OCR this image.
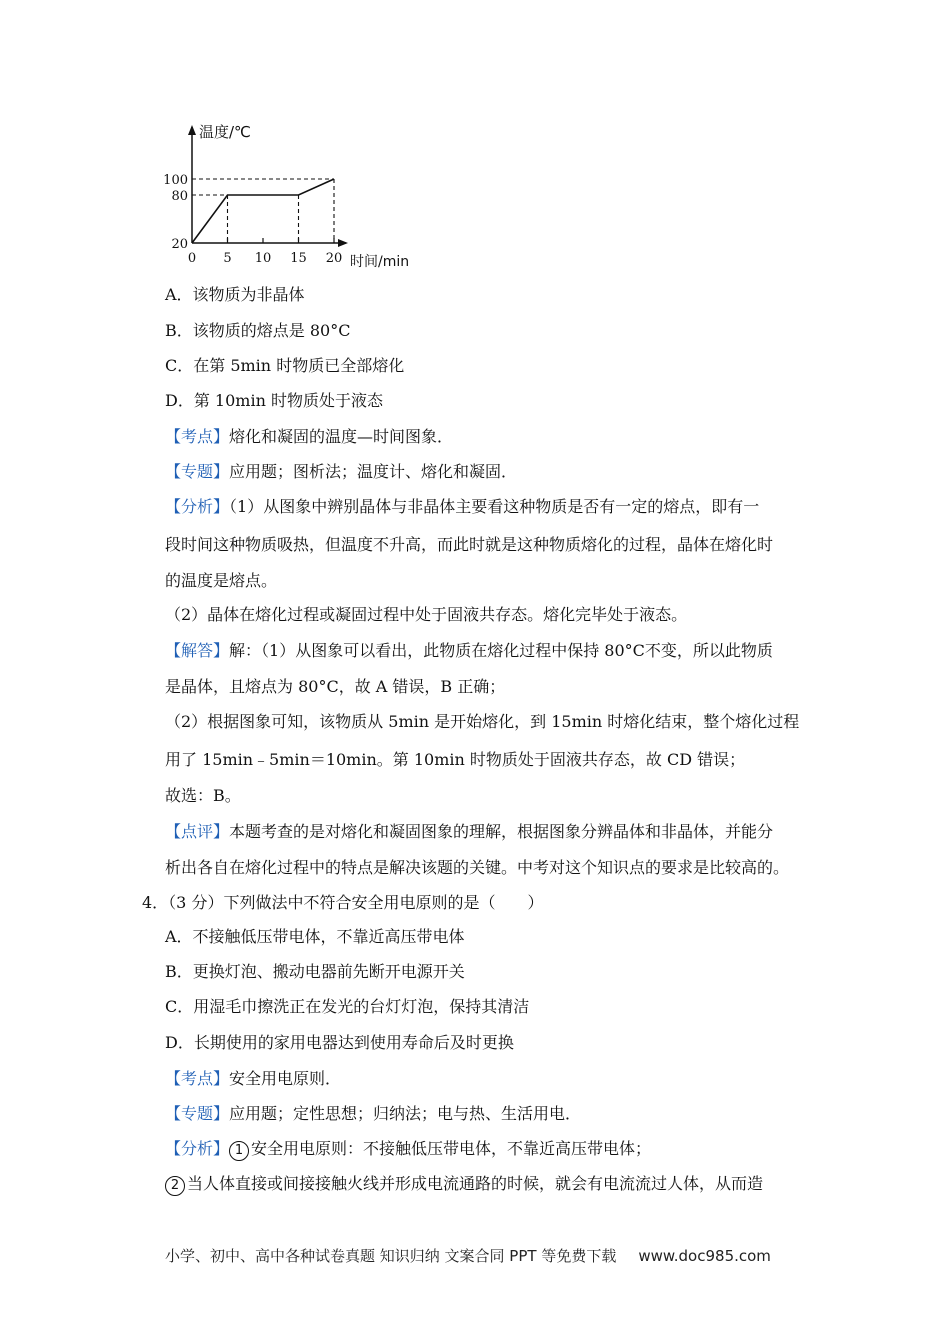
温度/℃
时间/min
0 5 10 15 20
20
80
100
A．该物质为非晶体
B．该物质的熔点是 80°C
C．在第 5min 时物质已全部熔化
D．第 10min 时物质处于液态
【考点】熔化和凝固的温度—时间图象．
【专题】应用题；图析法；温度计、熔化和凝固．
【分析】（1）从图象中辨别晶体与非晶体主要看这种物质是否有一定的熔点，即有一
段时间这种物质吸热，但温度不升高，而此时就是这种物质熔化的过程，晶体在熔化时
的温度是熔点。
（2）晶体在熔化过程或凝固过程中处于固液共存态。熔化完毕处于液态。
【解答】解：（1）从图象可以看出，此物质在熔化过程中保持 80°C不变，所以此物质
是晶体，且熔点为 80°C，故 A 错误，B 正确；
（2）根据图象可知，该物质从 5min 是开始熔化，到 15min 时熔化结束，整个熔化过程
用了 15min﹣5min＝10min。第 10min 时物质处于固液共存态，故 CD 错误；
故选：B。
【点评】本题考查的是对熔化和凝固图象的理解，根据图象分辨晶体和非晶体，并能分
析出各自在熔化过程中的特点是解决该题的关键。中考对这个知识点的要求是比较高的。
4．（3 分）下列做法中不符合安全用电原则的是（　　）
A．不接触低压带电体，不靠近高压带电体
B．更换灯泡、搬动电器前先断开电源开关
C．用湿毛巾擦洗正在发光的台灯灯泡，保持其清洁
D．长期使用的家用电器达到使用寿命后及时更换
【考点】安全用电原则．
【专题】应用题；定性思想；归纳法；电与热、生活用电．
【分析】 1 安全用电原则：不接触低压带电体，不靠近高压带电体；
2 当人体直接或间接接触火线并形成电流通路的时候，就会有电流流过人体，从而造
小学、初中、高中各种试卷真题 知识归纳 文案合同 PPT 等免费下载 www.doc985.com
